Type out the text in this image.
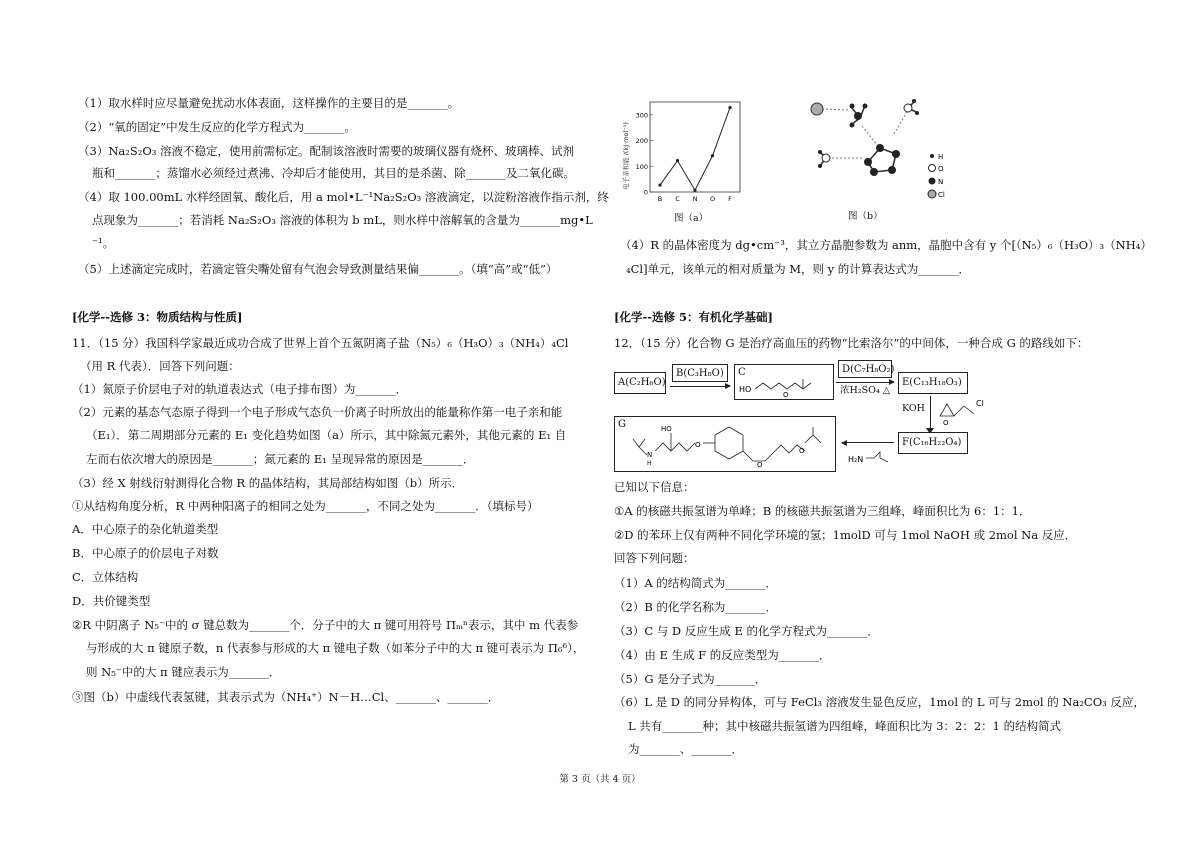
（1）取水样时应尽量避免扰动水体表面，这样操作的主要目的是_______。
（2）“氧的固定”中发生反应的化学方程式为_______。
（3）Na₂S₂O₃ 溶液不稳定，使用前需标定。配制该溶液时需要的玻璃仪器有烧杯、玻璃棒、试剂
瓶和_______；蒸馏水必须经过煮沸、冷却后才能使用，其目的是杀菌、除_______及二氧化碳。
（4）取 100.00mL 水样经固氧、酸化后，用 a mol•L⁻¹Na₂S₂O₃ 溶液滴定，以淀粉溶液作指示剂，终
点现象为_______；若消耗 Na₂S₂O₃ 溶液的体积为 b mL，则水样中溶解氧的含量为_______mg•L
⁻¹。
（5）上述滴定完成时，若滴定管尖嘴处留有气泡会导致测量结果偏_______。（填“高”或“低”）
[化学--选修 3：物质结构与性质]
11．（15 分）我国科学家最近成功合成了世界上首个五氮阴离子盐（N₅）₆（H₃O）₃（NH₄）₄Cl
（用 R 代表）．回答下列问题：
（1）氮原子价层电子对的轨道表达式（电子排布图）为_______．
（2）元素的基态气态原子得到一个电子形成气态负一价离子时所放出的能量称作第一电子亲和能
（E₁）．第二周期部分元素的 E₁ 变化趋势如图（a）所示，其中除氮元素外，其他元素的 E₁ 自
左而右依次增大的原因是_______；氮元素的 E₁ 呈现异常的原因是_______．
（3）经 X 射线衍射测得化合物 R 的晶体结构，其局部结构如图（b）所示．
①从结构角度分析，R 中两种阳离子的相同之处为_______，不同之处为_______．（填标号）
A．中心原子的杂化轨道类型
B．中心原子的价层电子对数
C．立体结构
D．共价键类型
②R 中阴离子 N₅⁻中的 σ 键总数为_______个．分子中的大 π 键可用符号 Πₘⁿ表示，其中 m 代表参
与形成的大 π 键原子数，n 代表参与形成的大 π 键电子数（如苯分子中的大 π 键可表示为 Π₆⁶），
则 N₅⁻中的大 π 键应表示为_______．
③图（b）中虚线代表氢键，其表示式为（NH₄⁺）N－H…Cl、_______、_______．
0
100
200
300
B C N O F
电子亲和能 /(kJ·mol⁻¹)
图（a）
H
O
N
Cl
图（b）
（4）R 的晶体密度为 dg•cm⁻³，其立方晶胞参数为 anm，晶胞中含有 y 个[（N₅）₆（H₃O）₃（NH₄）
₄Cl]单元，该单元的相对质量为 M，则 y 的计算表达式为_______．
[化学--选修 5：有机化学基础]
12．（15 分）化合物 G 是治疗高血压的药物“比索洛尔”的中间体，一种合成 G 的路线如下：
A(C₂H₆O)
B(C₃H₈O)	C
HO
O
D(C₇H₈O₂)
浓H₂SO₄ △
E(C₁₃H₁₈O₃)
KOH
O
Cl
F(C₁₆H₂₂O₄)
H₂N
G
N
H
HO
O
O
O
已知以下信息：
①A 的核磁共振氢谱为单峰；B 的核磁共振氢谱为三组峰，峰面积比为 6：1：1．
②D 的苯环上仅有两种不同化学环境的氢；1molD 可与 1mol NaOH 或 2mol Na 反应．
回答下列问题：
（1）A 的结构简式为_______．
（2）B 的化学名称为_______．
（3）C 与 D 反应生成 E 的化学方程式为_______．
（4）由 E 生成 F 的反应类型为_______．
（5）G 是分子式为_______．
（6）L 是 D 的同分异构体，可与 FeCl₃ 溶液发生显色反应，1mol 的 L 可与 2mol 的 Na₂CO₃ 反应，
L 共有_______种；其中核磁共振氢谱为四组峰，峰面积比为 3：2：2：1 的结构简式
为_______、_______．
第 3 页（共 4 页）
